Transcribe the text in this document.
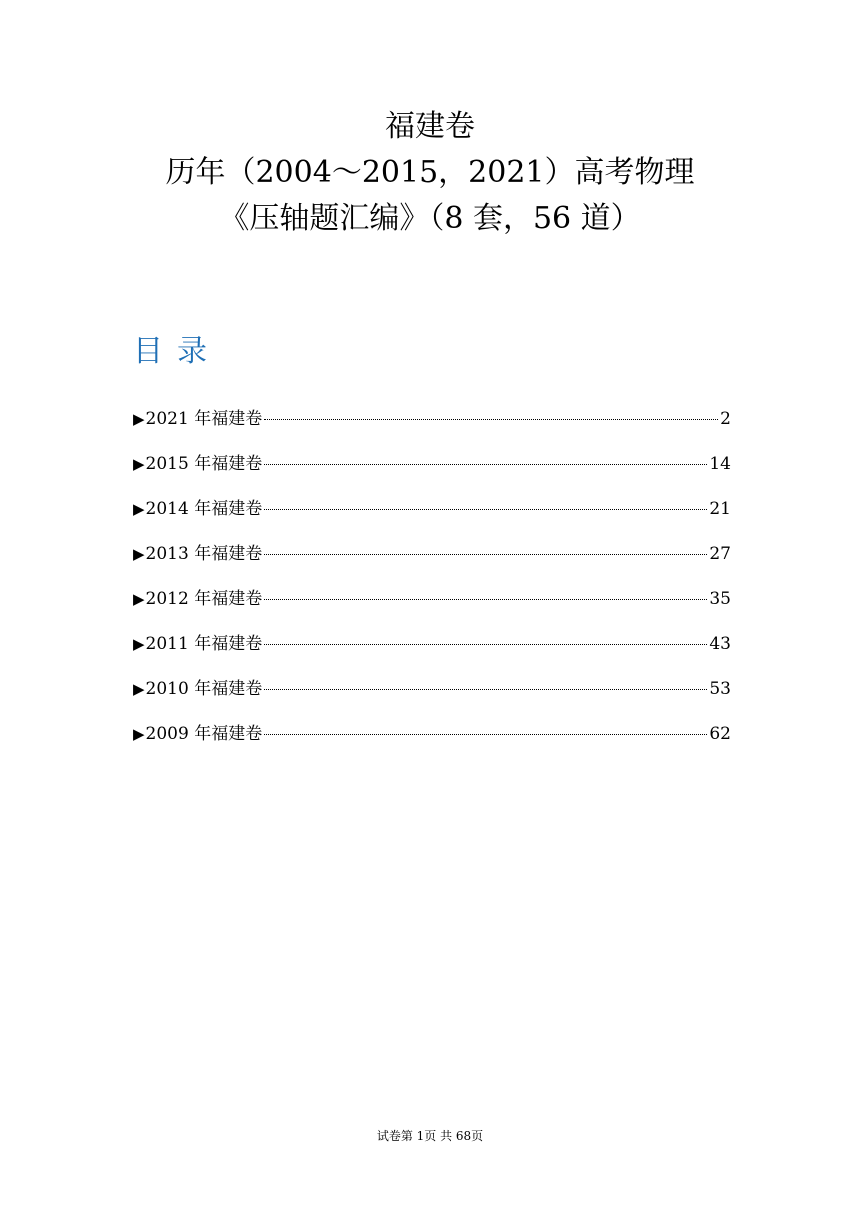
福建卷
历年（2004～2015，2021）高考物理
《压轴题汇编》（8 套，56 道）
目录
▶ 2021 年福建卷	2
▶ 2015 年福建卷	14
▶ 2014 年福建卷	21
▶ 2013 年福建卷	27
▶ 2012 年福建卷	35
▶ 2011 年福建卷	43
▶ 2010 年福建卷	53
▶ 2009 年福建卷	62
试卷第 1页 共 68页
